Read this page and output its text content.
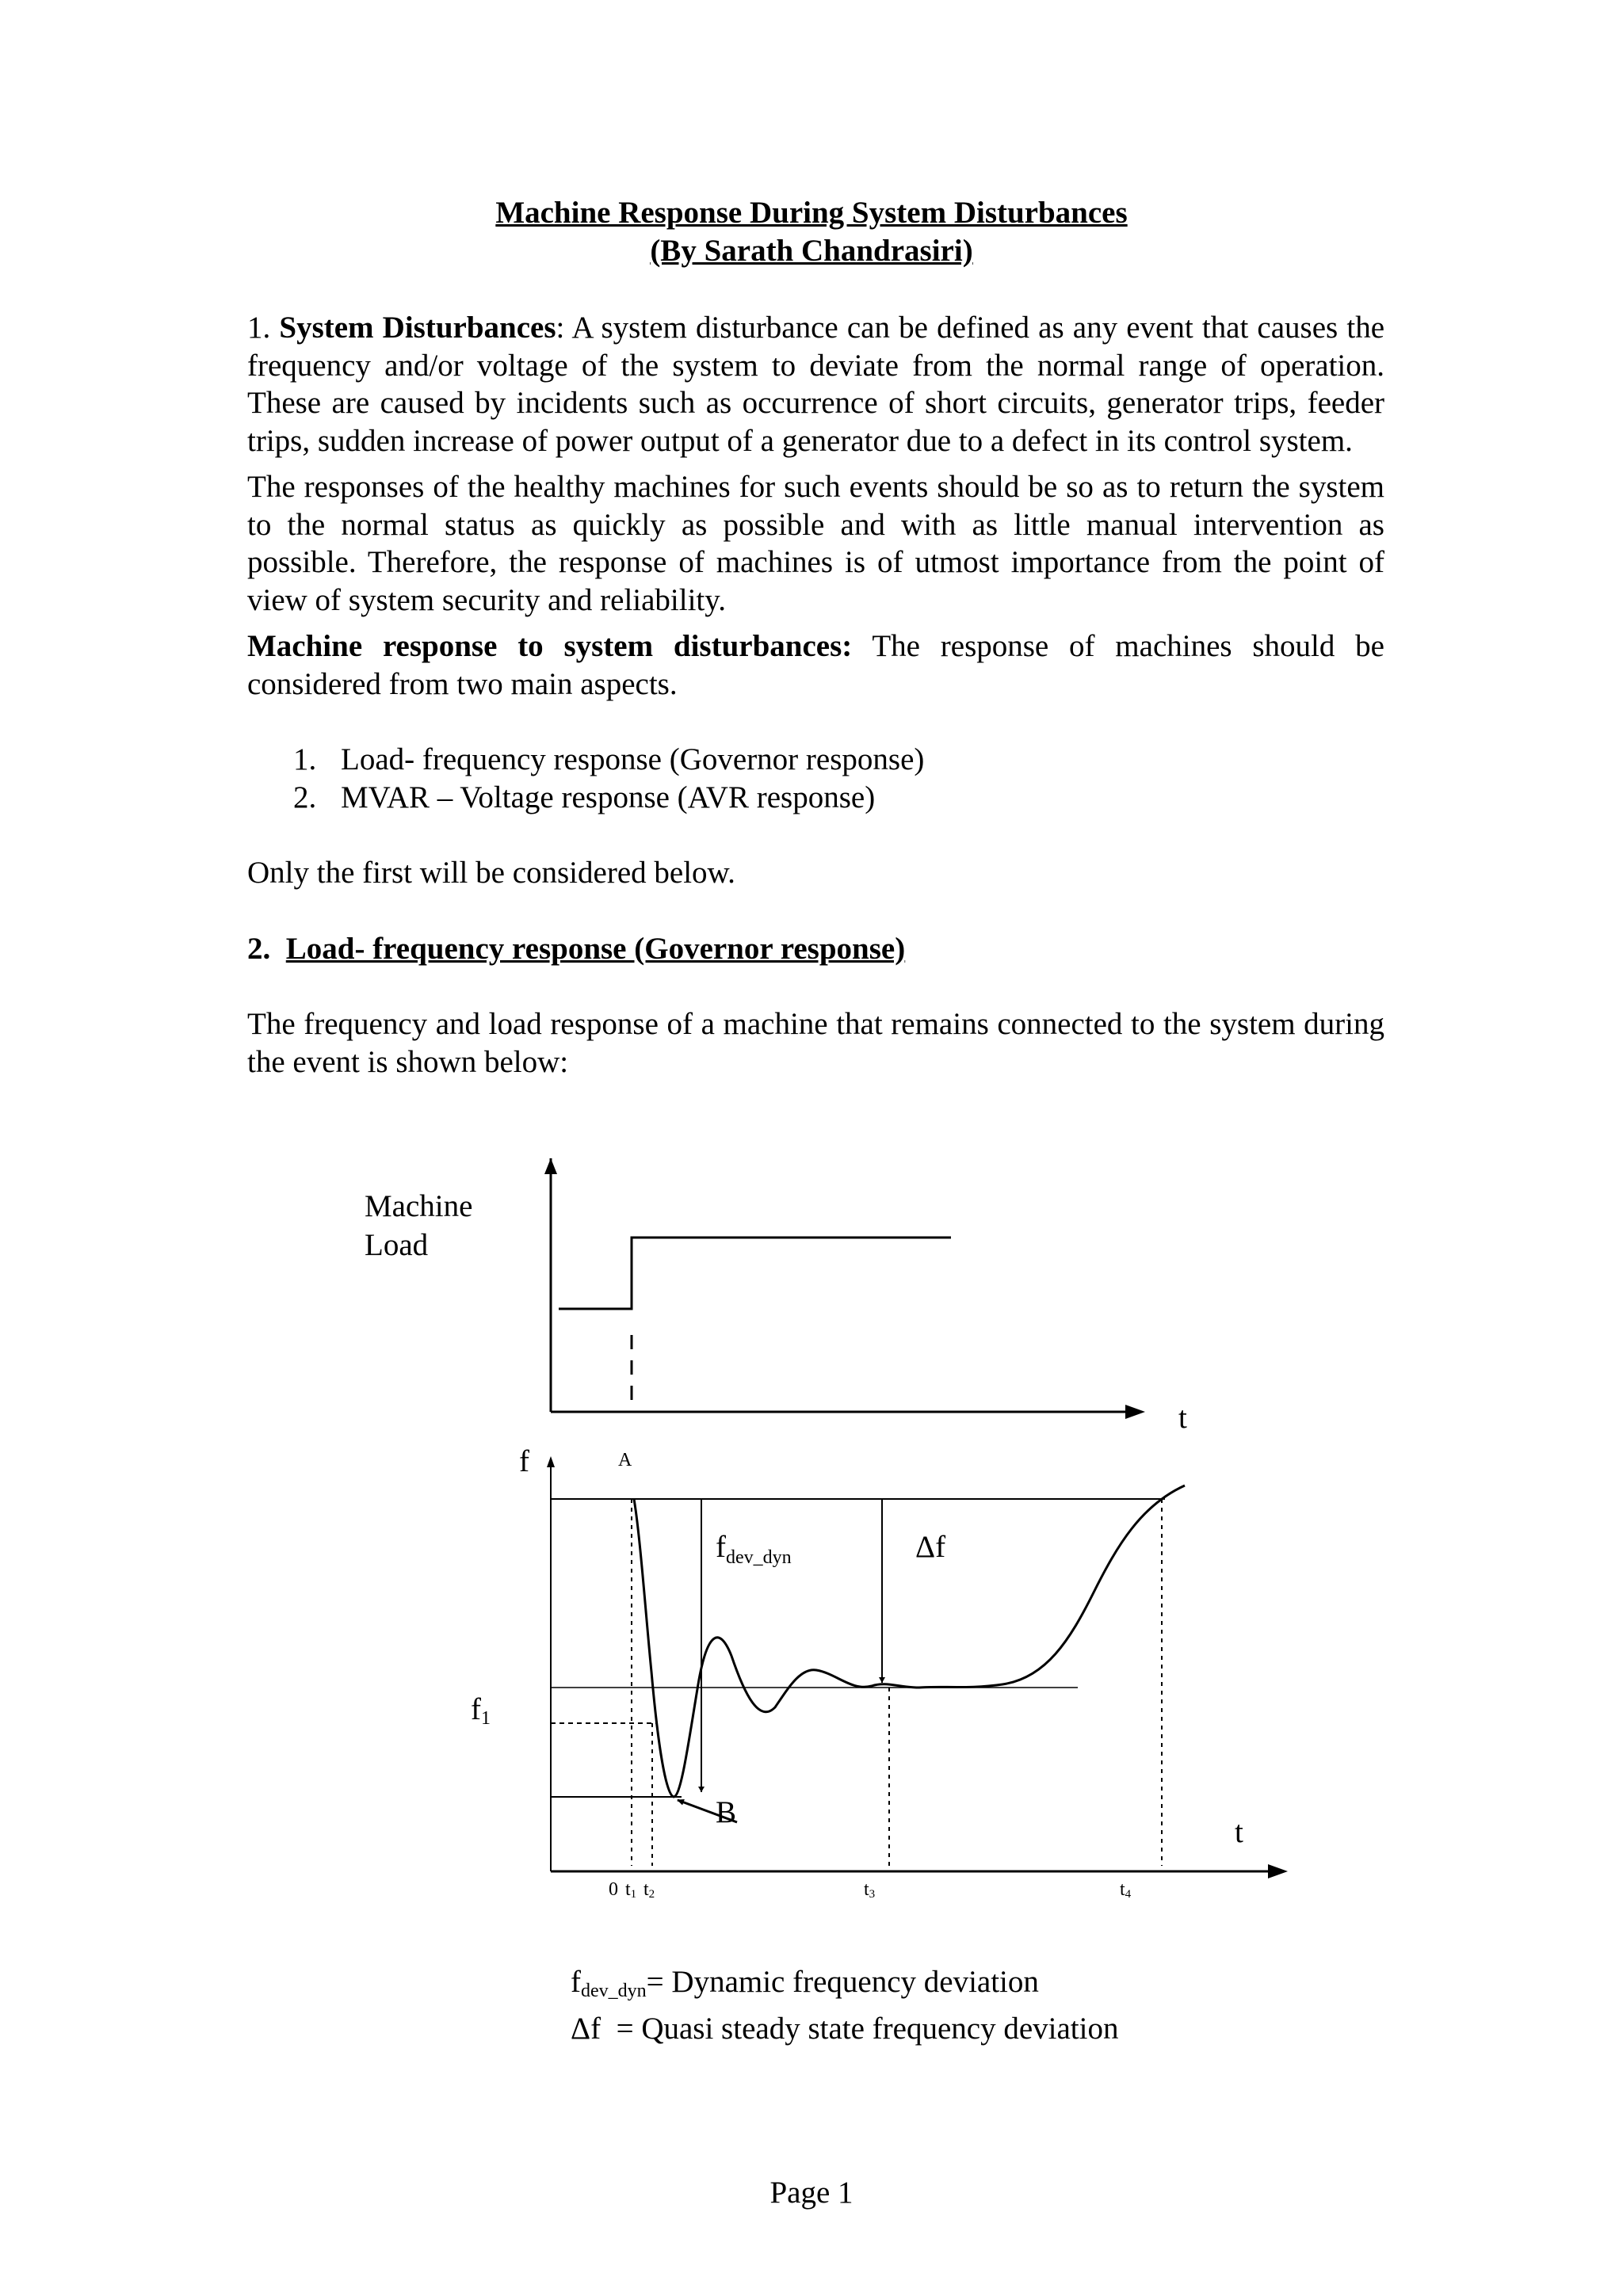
Machine Response During System Disturbances
(By Sarath Chandrasiri)

1. System Disturbances: A system disturbance can be defined as any event that causes the frequency and/or voltage of the system to deviate from the normal range of operation. These are caused by incidents such as occurrence of short circuits, generator trips, feeder trips, sudden increase of power output of a generator due to a defect in its control system.

The responses of the healthy machines for such events should be so as to return the system to the normal status as quickly as possible and with as little manual intervention as possible. Therefore, the response of machines is of utmost importance from the point of view of system security and reliability.

Machine response to system disturbances: The response of machines should be considered from two main aspects.

1. Load- frequency response (Governor response)
2. MVAR – Voltage response (AVR response)

Only the first will be considered below.

2. Load- frequency response (Governor response)

The frequency and load response of a machine that remains connected to the system during the event is shown below:

Machine
Load
t
f	A
$f_{dev\_dyn}$	Δf
f1
B
t
0 t1 t2	t3	t4
$f_{dev\_dyn}=$ Dynamic frequency deviation
Δf  = Quasi steady state frequency deviation
Page 1
